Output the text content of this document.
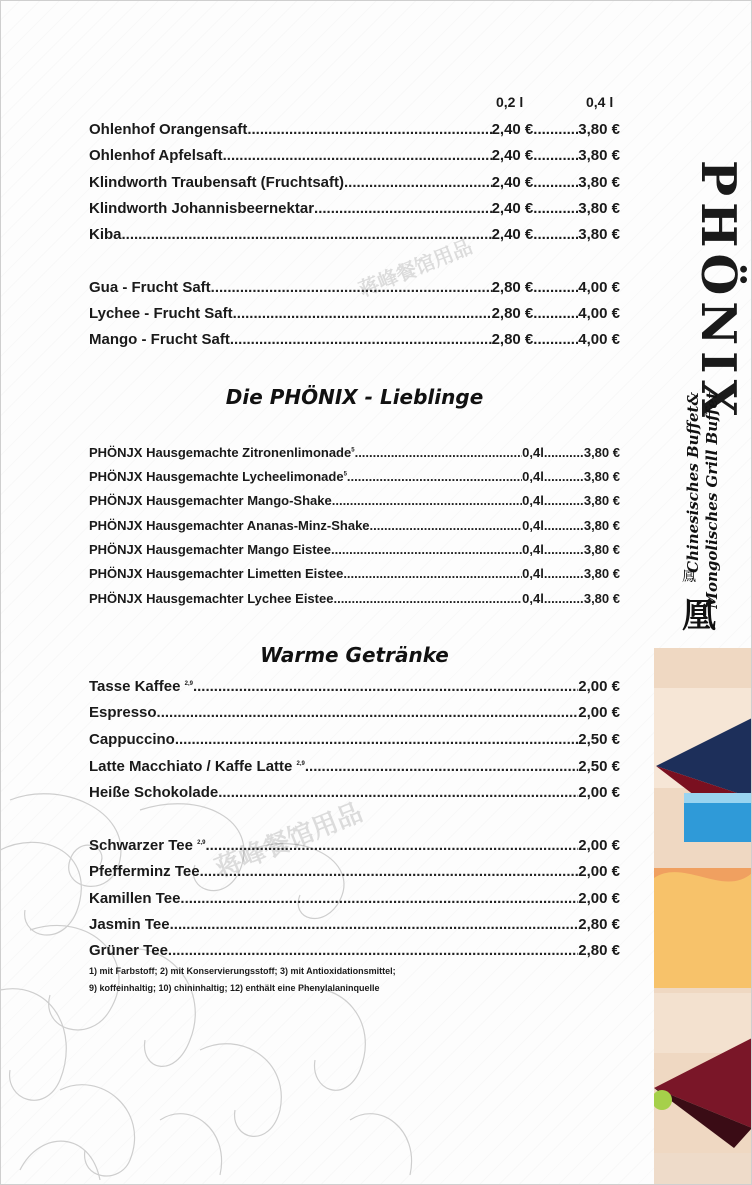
PHÖNIX
Chinesisches Buffet& Mongolisches Grill Buffet
鳳
凰
蒋峰餐馆用品
蒋峰餐馆用品
0,2 l	0,4 l
Ohlenhof Orangensaft .....	2,40 € .....	3,80 €
Ohlenhof Apfelsaft .....	2,40 € .....	3,80 €
Klindworth Traubensaft (Fruchtsaft) .....	2,40 € .....	3,80 €
Klindworth Johannisbeernektar .....	2,40 € .....	3,80 €
Kiba .....	2,40 € .....	3,80 €
Gua - Frucht Saft .....	2,80 € .....	4,00 €
Lychee - Frucht Saft .....	2,80 € .....	4,00 €
Mango - Frucht Saft .....	2,80 € .....	4,00 €
Die PHÖNIX - Lieblinge
PHÖNJX Hausgemachte Zitronenlimonade$^5$ .....	0,4l .....	3,80 €
PHÖNJX Hausgemachte Lycheelimonade$^5$ .....	0,4l .....	3,80 €
PHÖNJX Hausgemachter Mango-Shake .....	0,4l .....	3,80 €
PHÖNJX Hausgemachter Ananas-Minz-Shake .....	0,4l .....	3,80 €
PHÖNJX Hausgemachter Mango Eistee .....	0,4l .....	3,80 €
PHÖNJX Hausgemachter Limetten Eistee .....	0,4l .....	3,80 €
PHÖNJX Hausgemachter Lychee Eistee .....	0,4l .....	3,80 €
Warme Getränke
Tasse Kaffee $^{2,9}$ .....	2,00 €
Espresso .....	2,00 €
Cappuccino .....	2,50 €
Latte Macchiato / Kaffe Latte $^{2,9}$ .....	2,50 €
Heiße Schokolade .....	2,00 €
Schwarzer Tee $^{2,9}$ .....	2,00 €
Pfefferminz Tee .....	2,00 €
Kamillen Tee .....	2,00 €
Jasmin Tee .....	2,80 €
Grüner Tee .....	2,80 €
1) mit Farbstoff; 2) mit Konservierungsstoff; 3) mit Antioxidationsmittel;
9) koffeinhaltig; 10) chininhaltig; 12) enthält eine Phenylalaninquelle
